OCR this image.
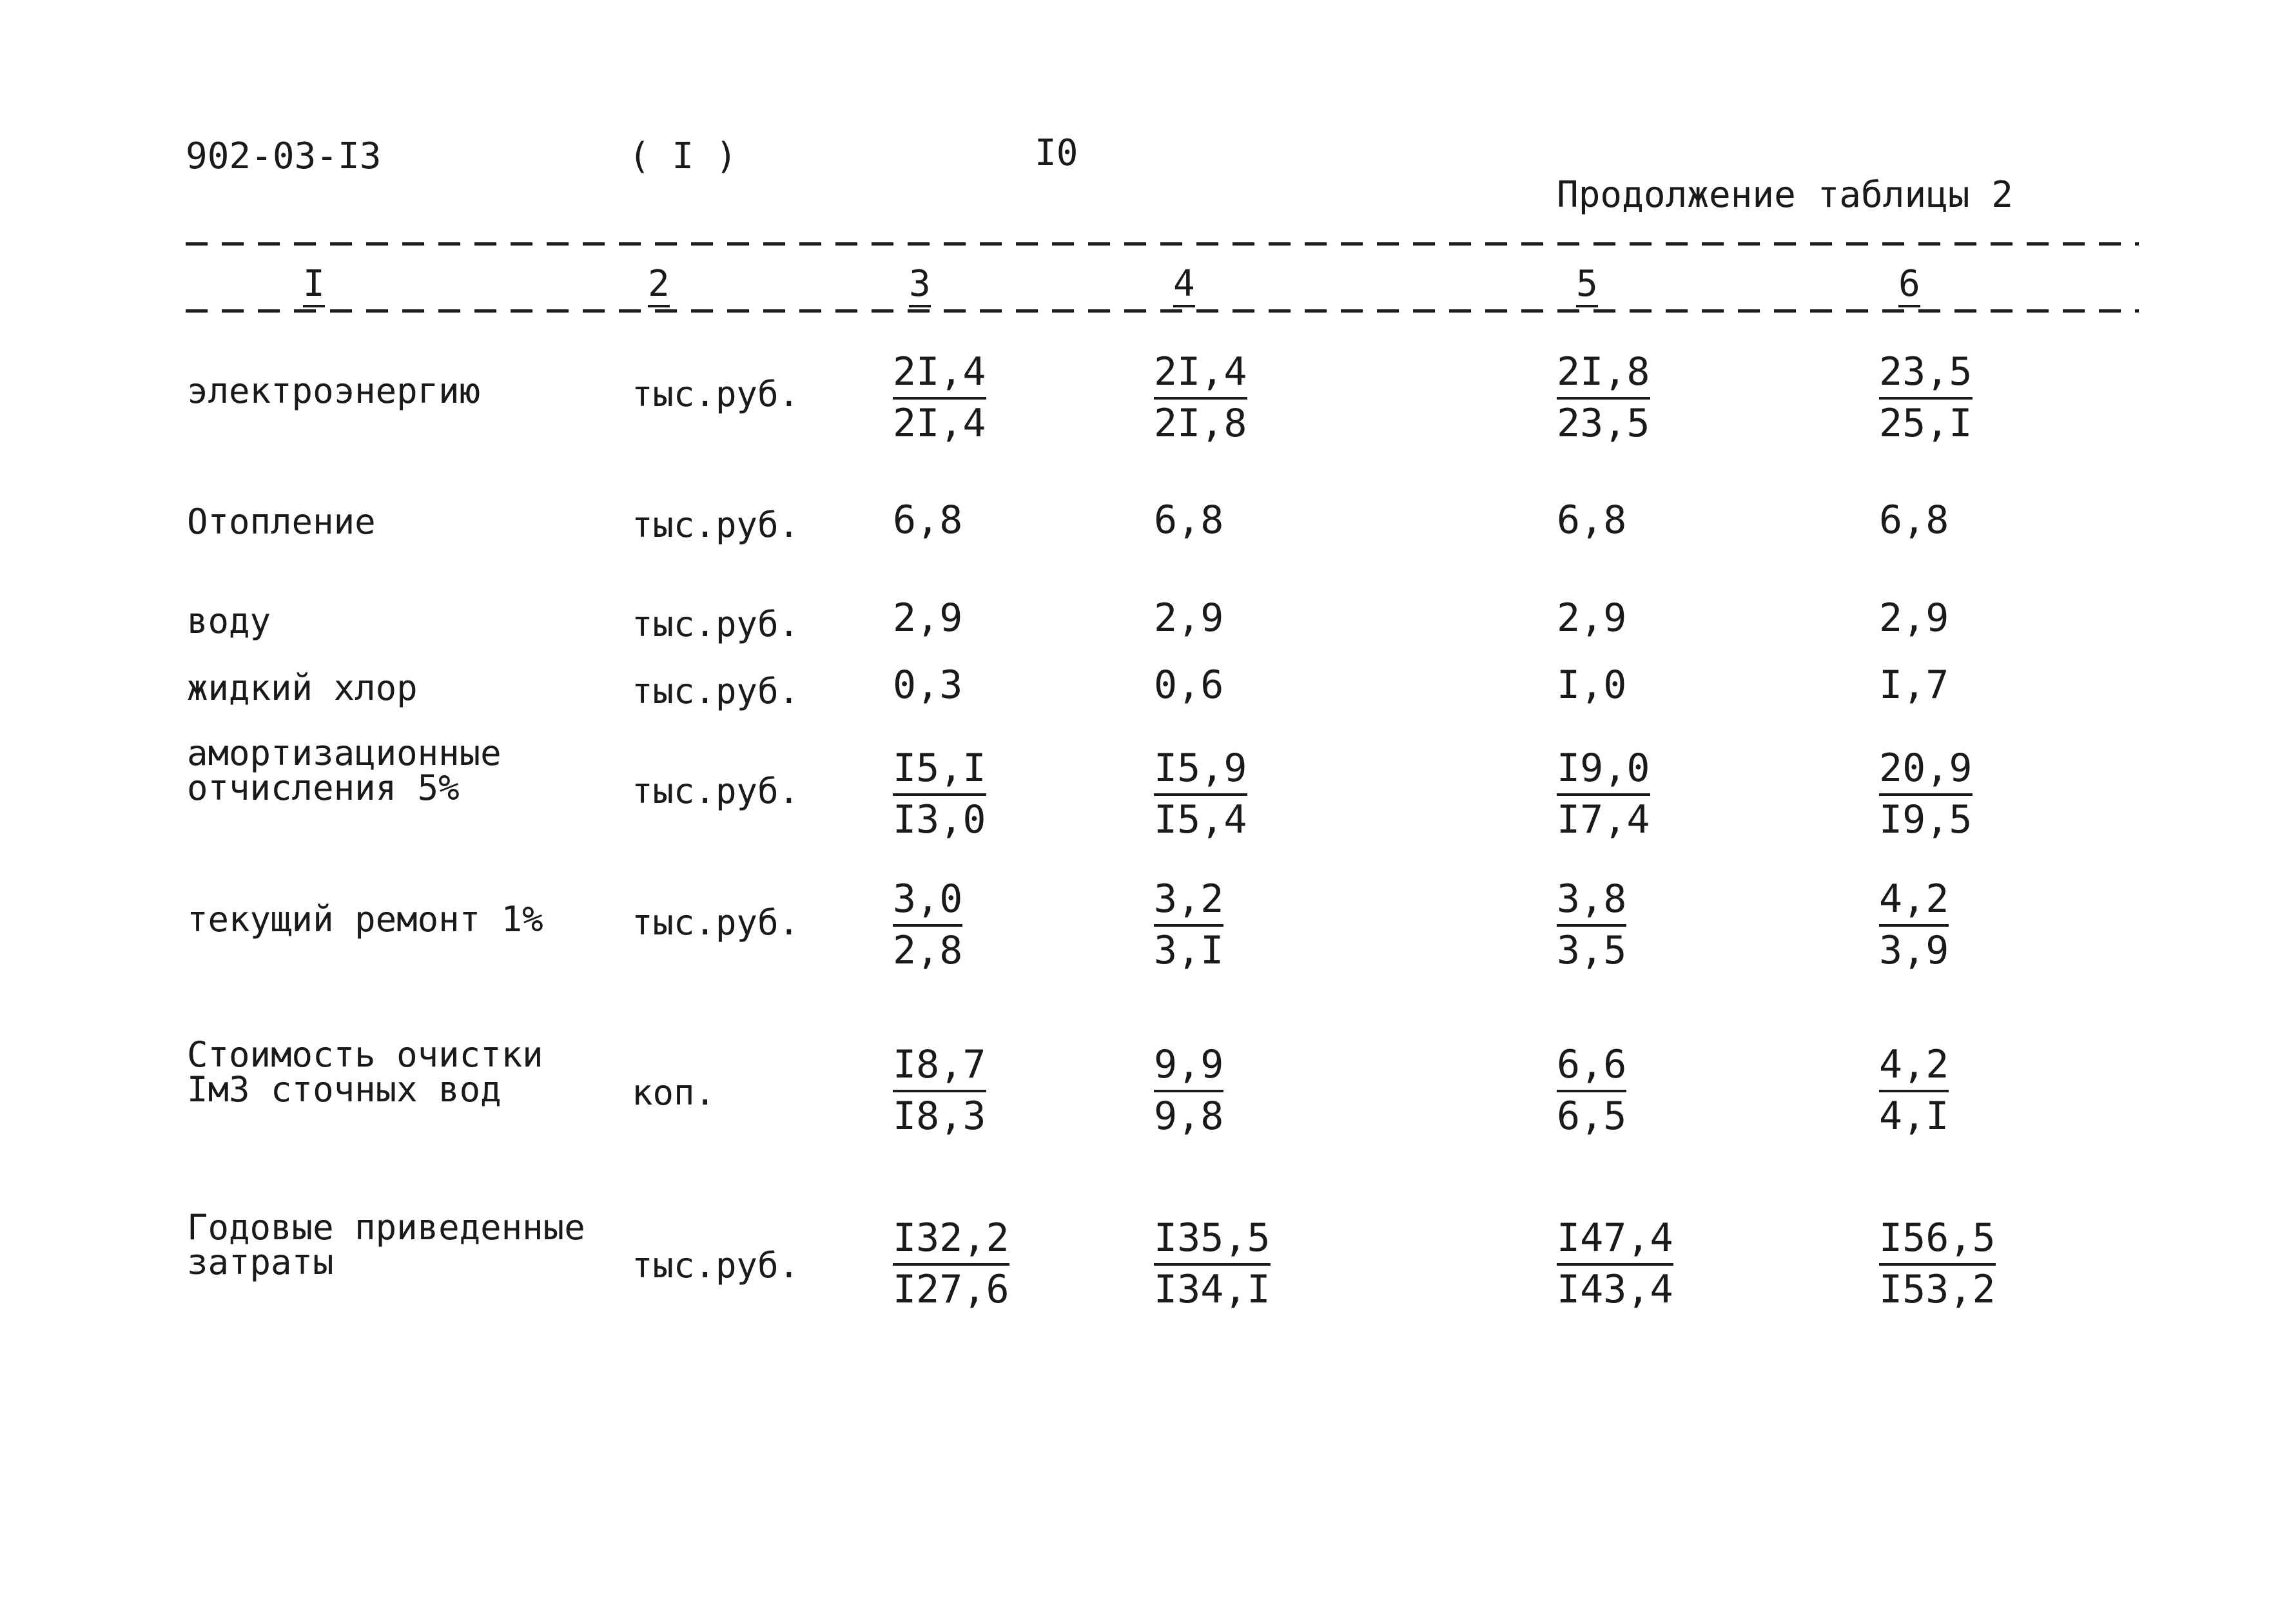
902-03-I3	( I )	I0
Продолжение таблицы 2
I	2	3	4	5	6
электроэнергию	тыс.руб. $\frac{2I,4}{2I,4}$	$\frac{2I,4}{2I,8}$	$\frac{2I,8}{23,5}$	$\frac{23,5}{25,I}$
Отопление	тыс.руб. 6,8	6,8	6,8	6,8
воду	тыс.руб. 2,9	2,9	2,9	2,9
жидкий хлор	тыс.руб. 0,3	0,6	I,0	I,7
амортизационные
отчисления 5%	тыс.руб. $\frac{I5,I}{I3,0}$	$\frac{I5,9}{I5,4}$	$\frac{I9,0}{I7,4}$	$\frac{20,9}{I9,5}$
текущий ремонт 1%	тыс.руб. $\frac{3,0}{2,8}$	$\frac{3,2}{3,I}$	$\frac{3,8}{3,5}$	$\frac{4,2}{3,9}$
Стоимость очистки
Iм3 сточных вод	коп.	$\frac{I8,7}{I8,3}$	$\frac{9,9}{9,8}$	$\frac{6,6}{6,5}$	$\frac{4,2}{4,I}$
Годовые приведенные
затраты	тыс.руб. $\frac{I32,2}{I27,6}$	$\frac{I35,5}{I34,I}$	$\frac{I47,4}{I43,4}$	$\frac{I56,5}{I53,2}$
